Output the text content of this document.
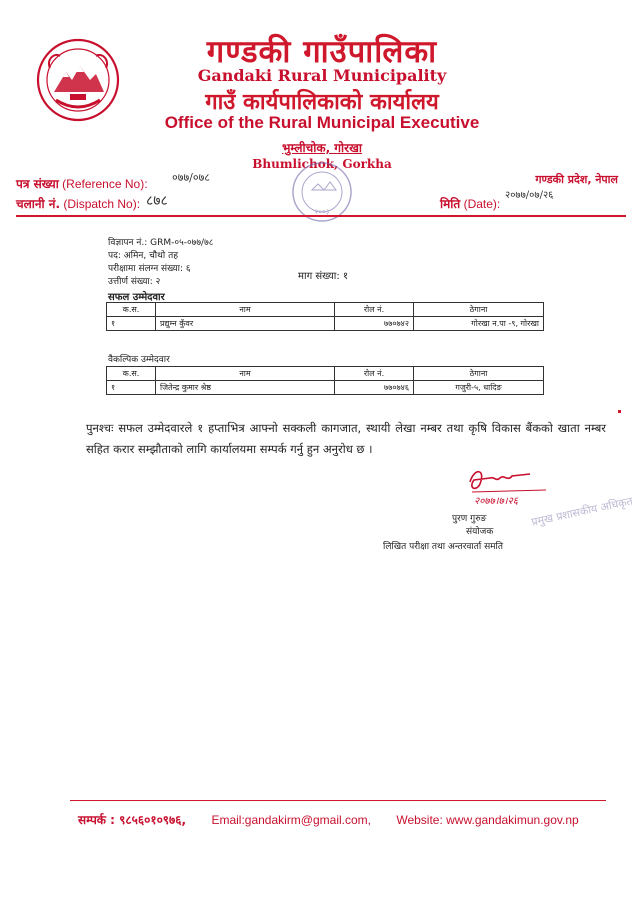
गण्डकी गाउँपालिका
Gandaki Rural Municipality
गाउँ कार्यपालिकाको कार्यालय
Office of the Rural Municipal Executive
भुम्लीचोक, गोरखा
Bhumlichok, Gorkha
२००३
पत्र संख्या (Reference No): ०७७/०७८
चलानी नं. (Dispatch No): ८७८
गण्डकी प्रदेश, नेपाल
मिति (Date):
२०७७/०७/२६
विज्ञापन नं.: GRM-०५-०७७/७८
पद: अमिन, चौथो तह
परीक्षामा संलग्न संख्या: ६
उत्तीर्ण संख्या: २	माग संख्या: १
सफल उम्मेदवार
क.स.	नाम	रोल नं.	ठेगाना
१	प्रद्युम्न कुँवर	७७०७४२	गोरखा न.पा -९, गोरखा
वैकल्पिक उम्मेदवार
क.स.	नाम	रोल नं.	ठेगाना
१	जितेन्द्र कुमार श्रेष्ठ	७७०७४६	गजुरी-५, धादिङ
पुनश्चः सफल उम्मेदवारले १ हप्ताभित्र आफ्नो सक्कली कागजात, स्थायी लेखा नम्बर तथा कृषि विकास बैंकको खाता नम्बर सहित करार सम्झौताको लागि कार्यालयमा सम्पर्क गर्नु हुन अनुरोध छ ।
२०७७।७।२६
पुरण गुरुङ
संयोजक
लिखित परीक्षा तथा अन्तरवार्ता समति
प्रमुख प्रशासकीय अधिकृत
सम्पर्क : ९८५६०१०९७६, Email:gandakirm@gmail.com, Website: www.gandakimun.gov.np
